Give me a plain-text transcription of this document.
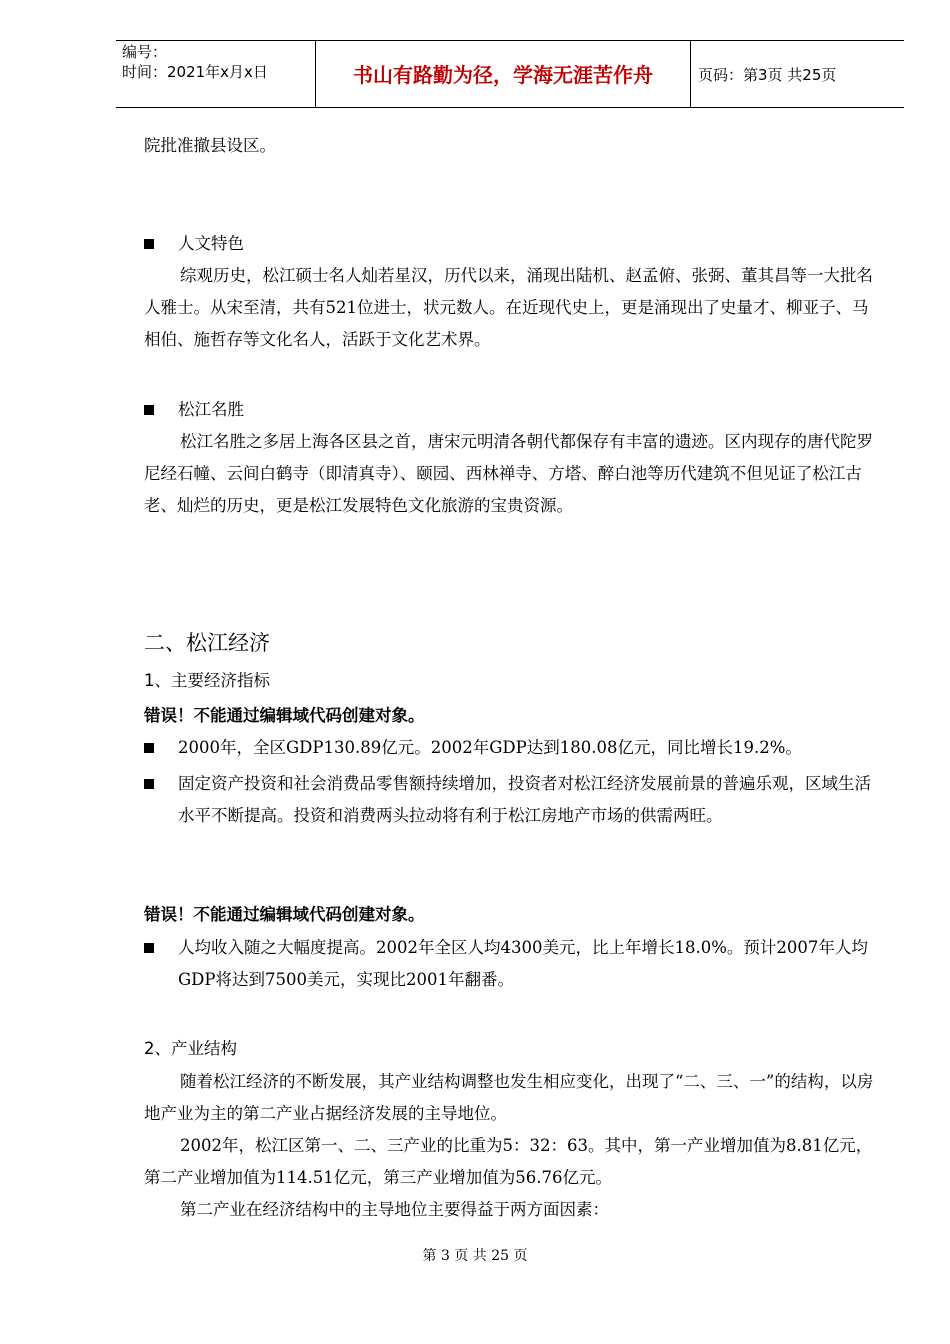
编号：
时间：2021年x月x日	书山有路勤为径，学海无涯苦作舟	页码：第3页 共25页

院批准撤县设区。

人文特色

综观历史，松江硕士名人灿若星汉，历代以来，涌现出陆机、赵孟俯、张弼、董其昌等一大批名人雅士。从宋至清，共有521位进士，状元数人。在近现代史上，更是涌现出了史量才、柳亚子、马相伯、施哲存等文化名人，活跃于文化艺术界。

松江名胜

松江名胜之多居上海各区县之首，唐宋元明清各朝代都保存有丰富的遗迹。区内现存的唐代陀罗尼经石幢、云间白鹤寺（即清真寺）、颐园、西林禅寺、方塔、醉白池等历代建筑不但见证了松江古老、灿烂的历史，更是松江发展特色文化旅游的宝贵资源。

二、松江经济
1、主要经济指标
错误！不能通过编辑域代码创建对象。
2000年，全区GDP130.89亿元。2002年GDP达到180.08亿元，同比增长19.2%。
固定资产投资和社会消费品零售额持续增加，投资者对松江经济发展前景的普遍乐观，区域生活水平不断提高。投资和消费两头拉动将有利于松江房地产市场的供需两旺。
错误！不能通过编辑域代码创建对象。
人均收入随之大幅度提高。2002年全区人均4300美元，比上年增长18.0%。预计2007年人均GDP将达到7500美元，实现比2001年翻番。
2、产业结构

随着松江经济的不断发展，其产业结构调整也发生相应变化，出现了“二、三、一”的结构，以房地产业为主的第二产业占据经济发展的主导地位。

2002年，松江区第一、二、三产业的比重为5：32：63。其中，第一产业增加值为8.81亿元，第二产业增加值为114.51亿元，第三产业增加值为56.76亿元。

第二产业在经济结构中的主导地位主要得益于两方面因素：

第 3 页 共 25 页
